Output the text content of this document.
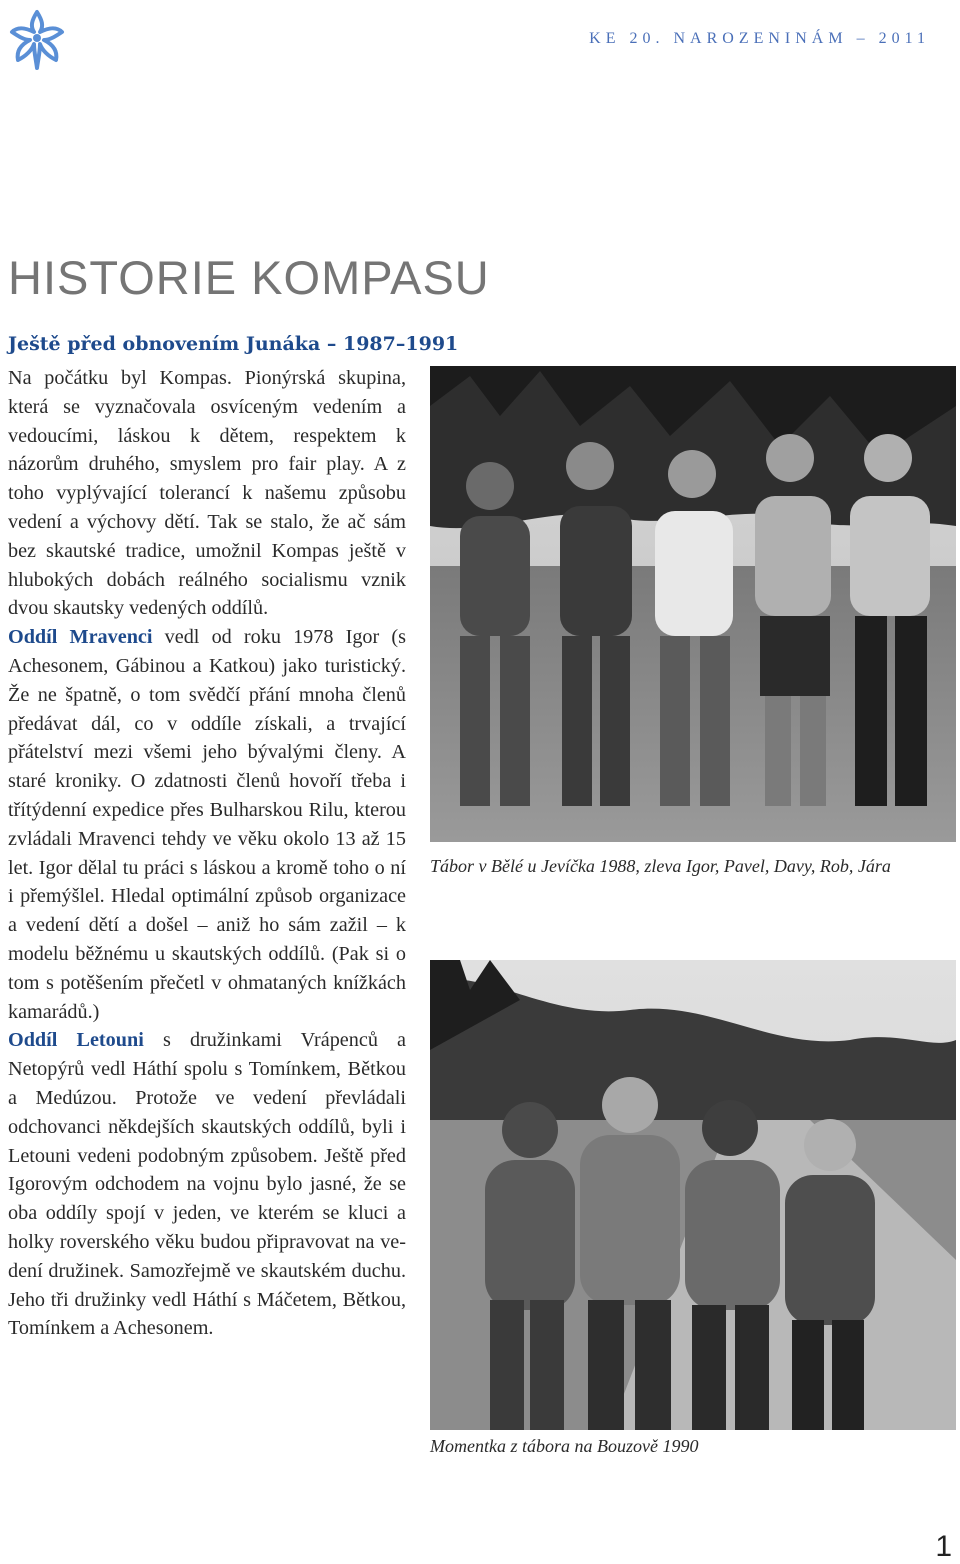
KE 20. NAROZENINÁM – 2011
HISTORIE KOMPASU
Ještě před obnovením Junáka – 1987–1991

Na počátku byl Kompas. Pionýrská skupina, která se vyznačovala osvíceným vedením a vedoucími, láskou k dětem, respektem k názorům druhého, smyslem pro fair play. A z toho vyplývající tolerancí k našemu způsobu vedení a výchovy dětí. Tak se stalo, že ač sám bez skautské tradice, umožnil Kompas ještě v hlubokých dobách reálného socialismu vznik dvou skautsky vedených oddílů.
Oddíl Mravenci vedl od roku 1978 Igor (s Achesonem, Gábinou a Katkou) jako turistický. Že ne špatně, o tom svědčí přání mnoha členů předávat dál, co v oddíle získali, a trvající přátelství mezi všemi jeho bývalými členy. A staré kroniky. O zdatnosti členů hovoří třeba i třítýdenní expedice přes Bulharskou Rilu, kterou zvládali Mravenci tehdy ve věku okolo 13 až 15 let. Igor dělal tu práci s láskou a kromě toho o ní i přemýšlel. Hledal optimální způsob organizace a vedení dětí a došel – aniž ho sám zažil – k modelu běžnému u skautských oddílů. (Pak si o tom s potěšením přečetl v ohmataných knížkách kamarádů.)
Oddíl Letouni s družinkami Vrápenců a Netopýrů vedl Háthí spolu s Tomínkem, Bětkou a Medúzou. Protože ve vedení převládali odchovanci někdejších skautských oddílů, byli i Letouni vedeni podobným způsobem. Ještě před Igorovým odchodem na vojnu bylo jasné, že se oba oddíly spojí v jeden, ve kterém se kluci a holky roverského věku budou připravovat na vedení družinek. Samozřejmě ve skautském duchu. Jeho tři družinky vedl Háthí s Máčetem, Bětkou, Tomínkem a Achesonem.

Tábor v Bělé u Jevíčka 1988, zleva Igor, Pavel, Davy, Rob, Jára
Momentka z tábora na Bouzově 1990
1
